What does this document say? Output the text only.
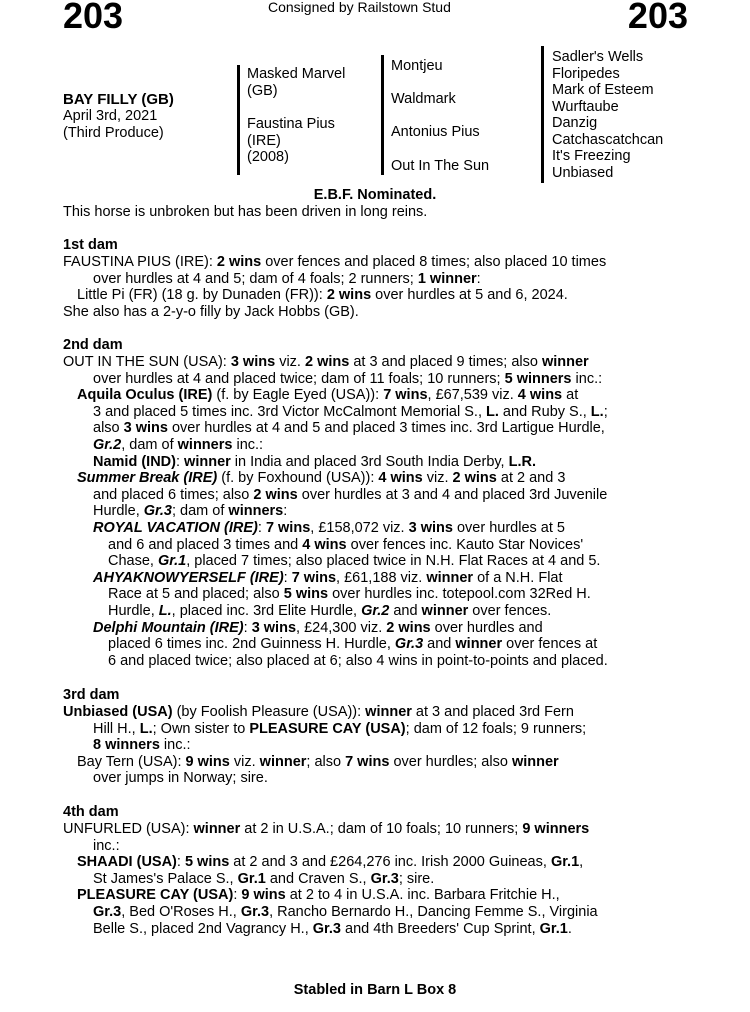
203	203
Consigned by Railstown Stud
BAY FILLY (GB)
April 3rd, 2021
(Third Produce)
Masked Marvel
(GB)
Faustina Pius
(IRE)
(2008)
Montjeu
Waldmark
Antonius Pius
Out In The Sun
Sadler's Wells
Floripedes
Mark of Esteem
Wurftaube
Danzig
Catchascatchcan
It's Freezing
Unbiased
E.B.F. Nominated.
This horse is unbroken but has been driven in long reins.
1st dam
FAUSTINA PIUS (IRE): 2 wins over fences and placed 8 times; also placed 10 times
over hurdles at 4 and 5; dam of 4 foals; 2 runners; 1 winner:
Little Pi (FR) (18 g. by Dunaden (FR)): 2 wins over hurdles at 5 and 6, 2024.
She also has a 2-y-o filly by Jack Hobbs (GB).
2nd dam
OUT IN THE SUN (USA): 3 wins viz. 2 wins at 3 and placed 9 times; also winner
over hurdles at 4 and placed twice; dam of 11 foals; 10 runners; 5 winners inc.:
Aquila Oculus (IRE) (f. by Eagle Eyed (USA)): 7 wins, £67,539 viz. 4 wins at
3 and placed 5 times inc. 3rd Victor McCalmont Memorial S., L. and Ruby S., L.;
also 3 wins over hurdles at 4 and 5 and placed 3 times inc. 3rd Lartigue Hurdle,
Gr.2, dam of winners inc.:
Namid (IND): winner in India and placed 3rd South India Derby, L.R.
Summer Break (IRE) (f. by Foxhound (USA)): 4 wins viz. 2 wins at 2 and 3
and placed 6 times; also 2 wins over hurdles at 3 and 4 and placed 3rd Juvenile
Hurdle, Gr.3; dam of winners:
ROYAL VACATION (IRE): 7 wins, £158,072 viz. 3 wins over hurdles at 5
and 6 and placed 3 times and 4 wins over fences inc. Kauto Star Novices'
Chase, Gr.1, placed 7 times; also placed twice in N.H. Flat Races at 4 and 5.
AHYAKNOWYERSELF (IRE): 7 wins, £61,188 viz. winner of a N.H. Flat
Race at 5 and placed; also 5 wins over hurdles inc. totepool.com 32Red H.
Hurdle, L., placed inc. 3rd Elite Hurdle, Gr.2 and winner over fences.
Delphi Mountain (IRE): 3 wins, £24,300 viz. 2 wins over hurdles and
placed 6 times inc. 2nd Guinness H. Hurdle, Gr.3 and winner over fences at
6 and placed twice; also placed at 6; also 4 wins in point-to-points and placed.
3rd dam
Unbiased (USA) (by Foolish Pleasure (USA)): winner at 3 and placed 3rd Fern
Hill H., L.; Own sister to PLEASURE CAY (USA); dam of 12 foals; 9 runners;
8 winners inc.:
Bay Tern (USA): 9 wins viz. winner; also 7 wins over hurdles; also winner
over jumps in Norway; sire.
4th dam
UNFURLED (USA): winner at 2 in U.S.A.; dam of 10 foals; 10 runners; 9 winners
inc.:
SHAADI (USA): 5 wins at 2 and 3 and £264,276 inc. Irish 2000 Guineas, Gr.1,
St James's Palace S., Gr.1 and Craven S., Gr.3; sire.
PLEASURE CAY (USA): 9 wins at 2 to 4 in U.S.A. inc. Barbara Fritchie H.,
Gr.3, Bed O'Roses H., Gr.3, Rancho Bernardo H., Dancing Femme S., Virginia
Belle S., placed 2nd Vagrancy H., Gr.3 and 4th Breeders' Cup Sprint, Gr.1.
Stabled in Barn L Box 8
